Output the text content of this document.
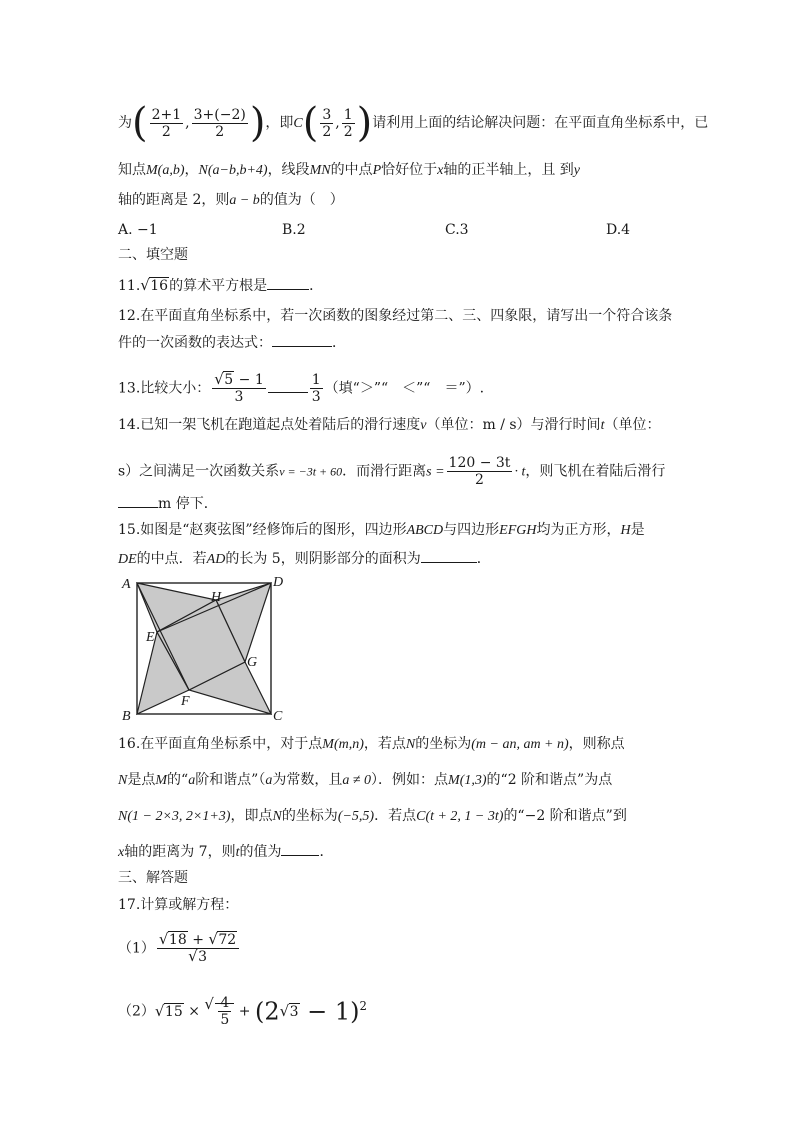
为( $\frac{2+1}{2}$ , $\frac{3+(-2)}{2}$ )，即$C( \frac{3}{2}$ , $\frac{1}{2}$ )请利用上面的结论解决问题：在平面直角坐标系中，已
知点M(a,b)，N(a−b,b+4)，线段MN的中点P恰好位于x轴的正半轴上，且 到y
轴的距离是 2，则a − b的值为（　）
A. −1	B.2	C.3	D.4
二、填空题
11.√ 16的算术平方根是	．
12.在平面直角坐标系中，若一次函数的图象经过第二、三、四象限，请写出一个符合该条
件的一次函数的表达式：	．
13.比较大小：
√ $\frac{5 - 1}{3}$	$\frac{1}{3}$ （填“＞”“　＜”“　＝”）.
14.已知一架飞机在跑道起点处着陆后的滑行速度v（单位：m / s）与滑行时间t（单位：
s）之间满足一次函数关系v = −3t + 60．而滑行距离$s = \frac{120 - 3t}{2} \cdot t$，则飞机在着陆后滑行
m 停下．
15.如图是“赵爽弦图”经修饰后的图形，四边形ABCD与四边形EFGH均为正方形，H是
DE的中点．若AD的长为 5，则阴影部分的面积为	．
A	D
H
E
G
F
B	C
16.在平面直角坐标系中，对于点M(m,n)，若点N的坐标为(m − an, am + n)，则称点
N是点M的“a阶和谐点”（a为常数，且a ≠ 0）．例如：点M(1,3)的“2 阶和谐点”为点
N(1 − 2×3, 2×1+3)，即点N的坐标为(−5,5)．若点C(t + 2, 1 − 3t)的“−2 阶和谐点”到
x轴的距离为 7，则t的值为	．
三、解答题
17.计算或解方程：
（1）
√ 18 + √ 72
√ 3
（2）√ 15 ×
√ $\frac{4}{5} + (2√$ 3 − 1)$^2$
